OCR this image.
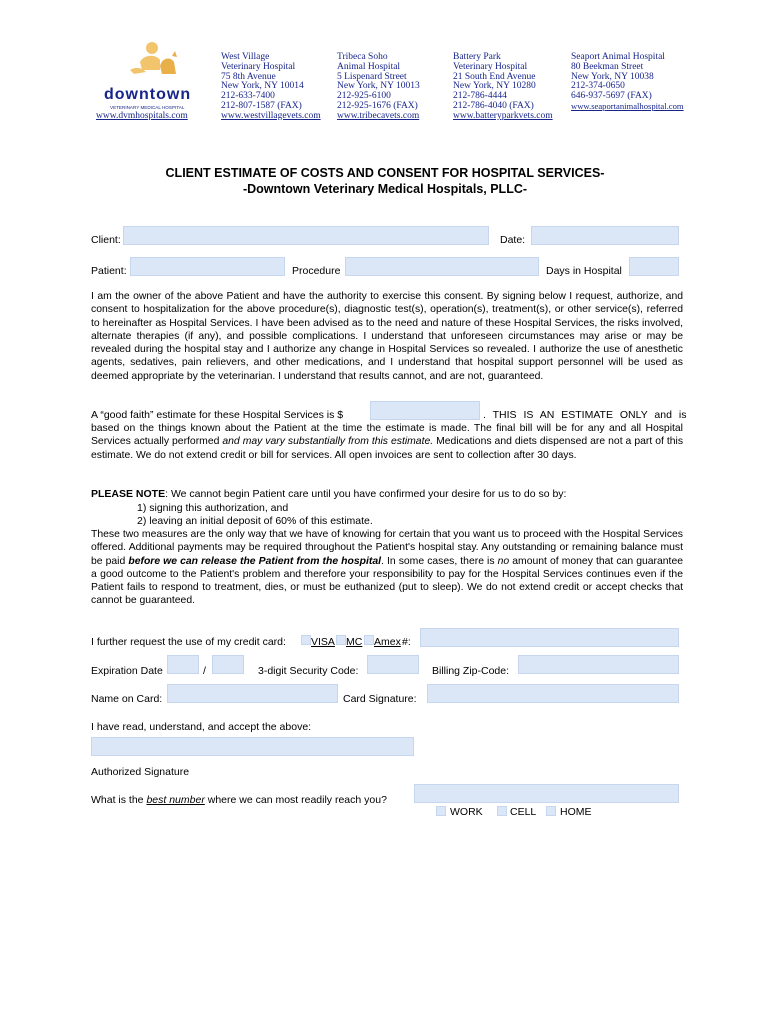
downtown
VETERINARY MEDICAL HOSPITAL
www.dvmhospitals.com
West Village
Veterinary Hospital
75 8th Avenue
New York, NY 10014
212-633-7400
212-807-1587 (FAX)
www.westvillagevets.com
Tribeca Soho
Animal Hospital
5 Lispenard Street
New York, NY 10013
212-925-6100
212-925-1676 (FAX)
www.tribecavets.com
Battery Park
Veterinary Hospital
21 South End Avenue
New York, NY 10280
212-786-4444
212-786-4040 (FAX)
www.batteryparkvets.com
Seaport Animal Hospital
80 Beekman Street
New York, NY 10038
212-374-0650
646-937-5697 (FAX)
www.seaportanimalhospital.com
CLIENT ESTIMATE OF COSTS AND CONSENT FOR HOSPITAL SERVICES-
-Downtown Veterinary Medical Hospitals, PLLC-
Client:	Date:
Patient:	Procedure	Days in Hospital
I am the owner of the above Patient and have the authority to exercise this consent. By signing below I request, authorize, and consent to hospitalization for the above procedure(s), diagnostic test(s), operation(s), treatment(s), or other service(s), referred to hereinafter as Hospital Services. I have been advised as to the need and nature of these Hospital Services, the risks involved, alternate therapies (if any), and possible complications. I understand that unforeseen circumstances may arise or may be revealed during the hospital stay and I authorize any change in Hospital Services so revealed. I authorize the use of anesthetic agents, sedatives, pain relievers, and other medications, and I understand that hospital support personnel will be used as deemed appropriate by the veterinarian. I understand that results cannot, and are not, guaranteed.
A “good faith” estimate for these Hospital Services is $	. THIS IS AN ESTIMATE ONLY and is
based on the things known about the Patient at the time the estimate is made. The final bill will be for any and all Hospital Services actually performed and may vary substantially from this estimate. Medications and diets dispensed are not a part of this estimate. We do not extend credit or bill for services. All open invoices are sent to collection after 30 days.
PLEASE NOTE: We cannot begin Patient care until you have confirmed your desire for us to do so by:
1) signing this authorization, and
2) leaving an initial deposit of 60% of this estimate.
These two measures are the only way that we have of knowing for certain that you want us to proceed with the Hospital Services offered. Additional payments may be required throughout the Patient's hospital stay. Any outstanding or remaining balance must be paid before we can release the Patient from the hospital. In some cases, there is no amount of money that can guarantee a good outcome to the Patient's problem and therefore your responsibility to pay for the Hospital Services continues even if the Patient fails to respond to treatment, dies, or must be euthanized (put to sleep). We do not extend credit or accept checks that cannot be guaranteed.
I further request the use of my credit card: VISA MC Amex #:
Expiration Date	/	3-digit Security Code:	Billing Zip-Code:
Name on Card:	Card Signature:
I have read, understand, and accept the above:
Authorized Signature
What is the best number where we can most readily reach you?
WORK	CELL HOME
